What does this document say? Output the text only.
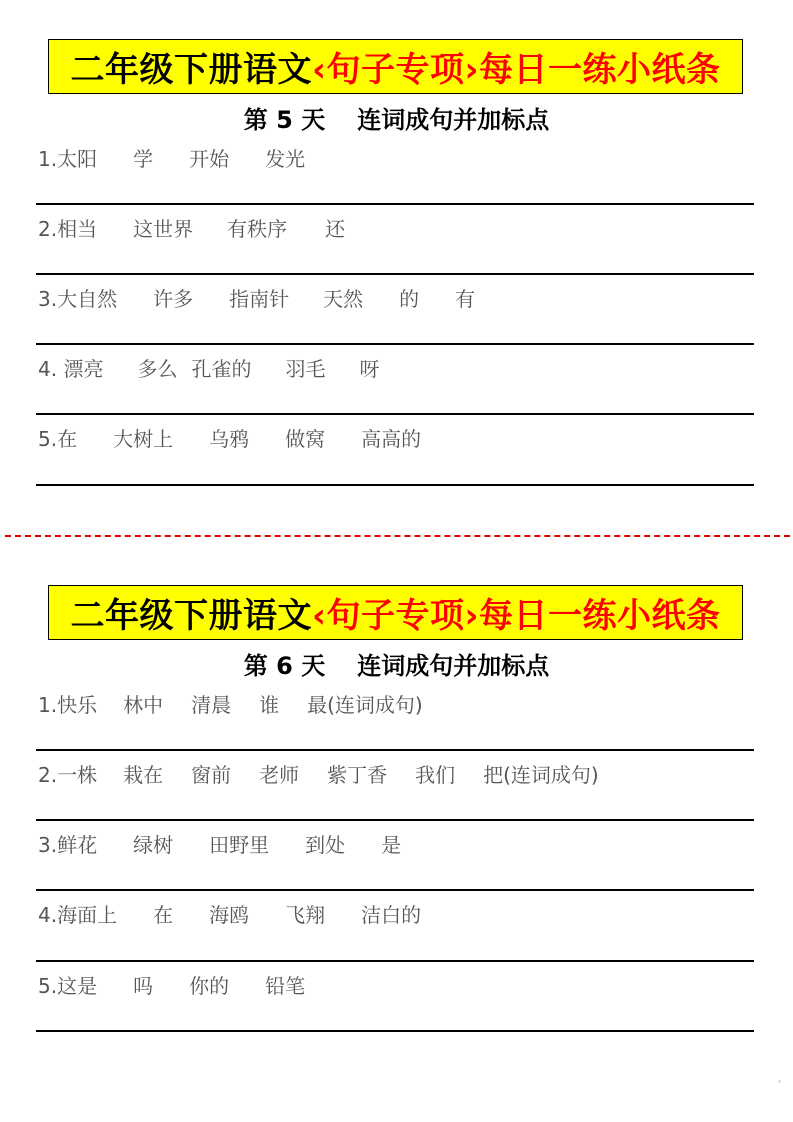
二年级下册语文 ‹句子专项› 每日一练小纸条
第 5 天 连词成句并加标点
1.太阳 学 开始 发光
2.相当 这世界 有秩序 还
3.大自然 许多 指南针 天然 的 有
4. 漂亮 多么 孔雀的 羽毛 呀
5.在 大树上 乌鸦 做窝 高高的
二年级下册语文 ‹句子专项› 每日一练小纸条
第 6 天 连词成句并加标点
1.快乐 林中 清晨 谁 最(连词成句)
2.一株 栽在 窗前 老师 紫丁香 我们 把(连词成句)
3.鲜花 绿树 田野里 到处 是
4.海面上 在 海鸥 飞翔 洁白的
5.这是 吗 你的 铅笔
